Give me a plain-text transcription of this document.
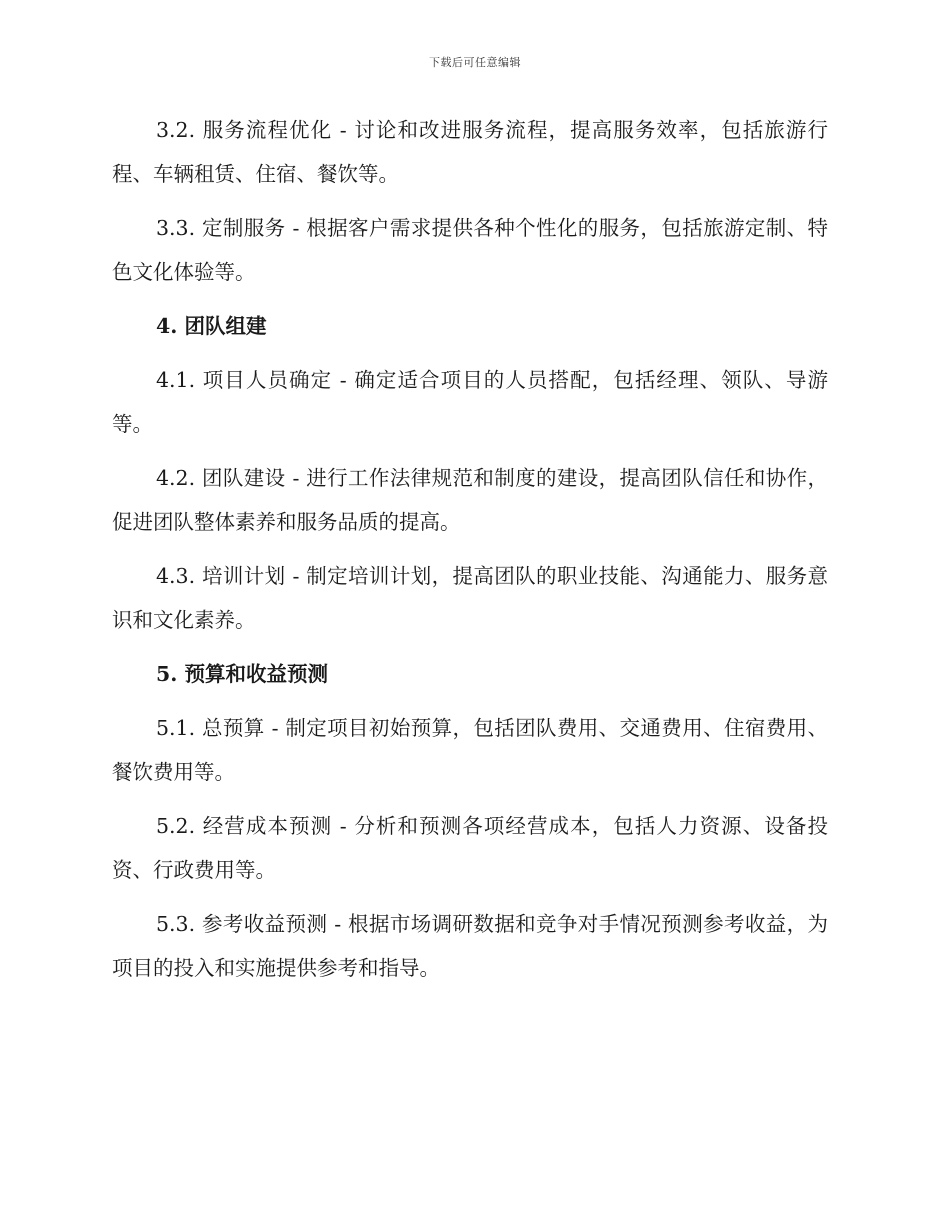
下载后可任意编辑

3.2. 服务流程优化 - 讨论和改进服务流程，提高服务效率，包括旅游行程、车辆租赁、住宿、餐饮等。

3.3. 定制服务 - 根据客户需求提供各种个性化的服务，包括旅游定制、特色文化体验等。

4. 团队组建

4.1. 项目人员确定 - 确定适合项目的人员搭配，包括经理、领队、导游等。

4.2. 团队建设 - 进行工作法律规范和制度的建设，提高团队信任和协作，促进团队整体素养和服务品质的提高。

4.3. 培训计划 - 制定培训计划，提高团队的职业技能、沟通能力、服务意识和文化素养。

5. 预算和收益预测

5.1. 总预算 - 制定项目初始预算，包括团队费用、交通费用、住宿费用、餐饮费用等。

5.2. 经营成本预测 - 分析和预测各项经营成本，包括人力资源、设备投资、行政费用等。

5.3. 参考收益预测 - 根据市场调研数据和竞争对手情况预测参考收益，为项目的投入和实施提供参考和指导。
